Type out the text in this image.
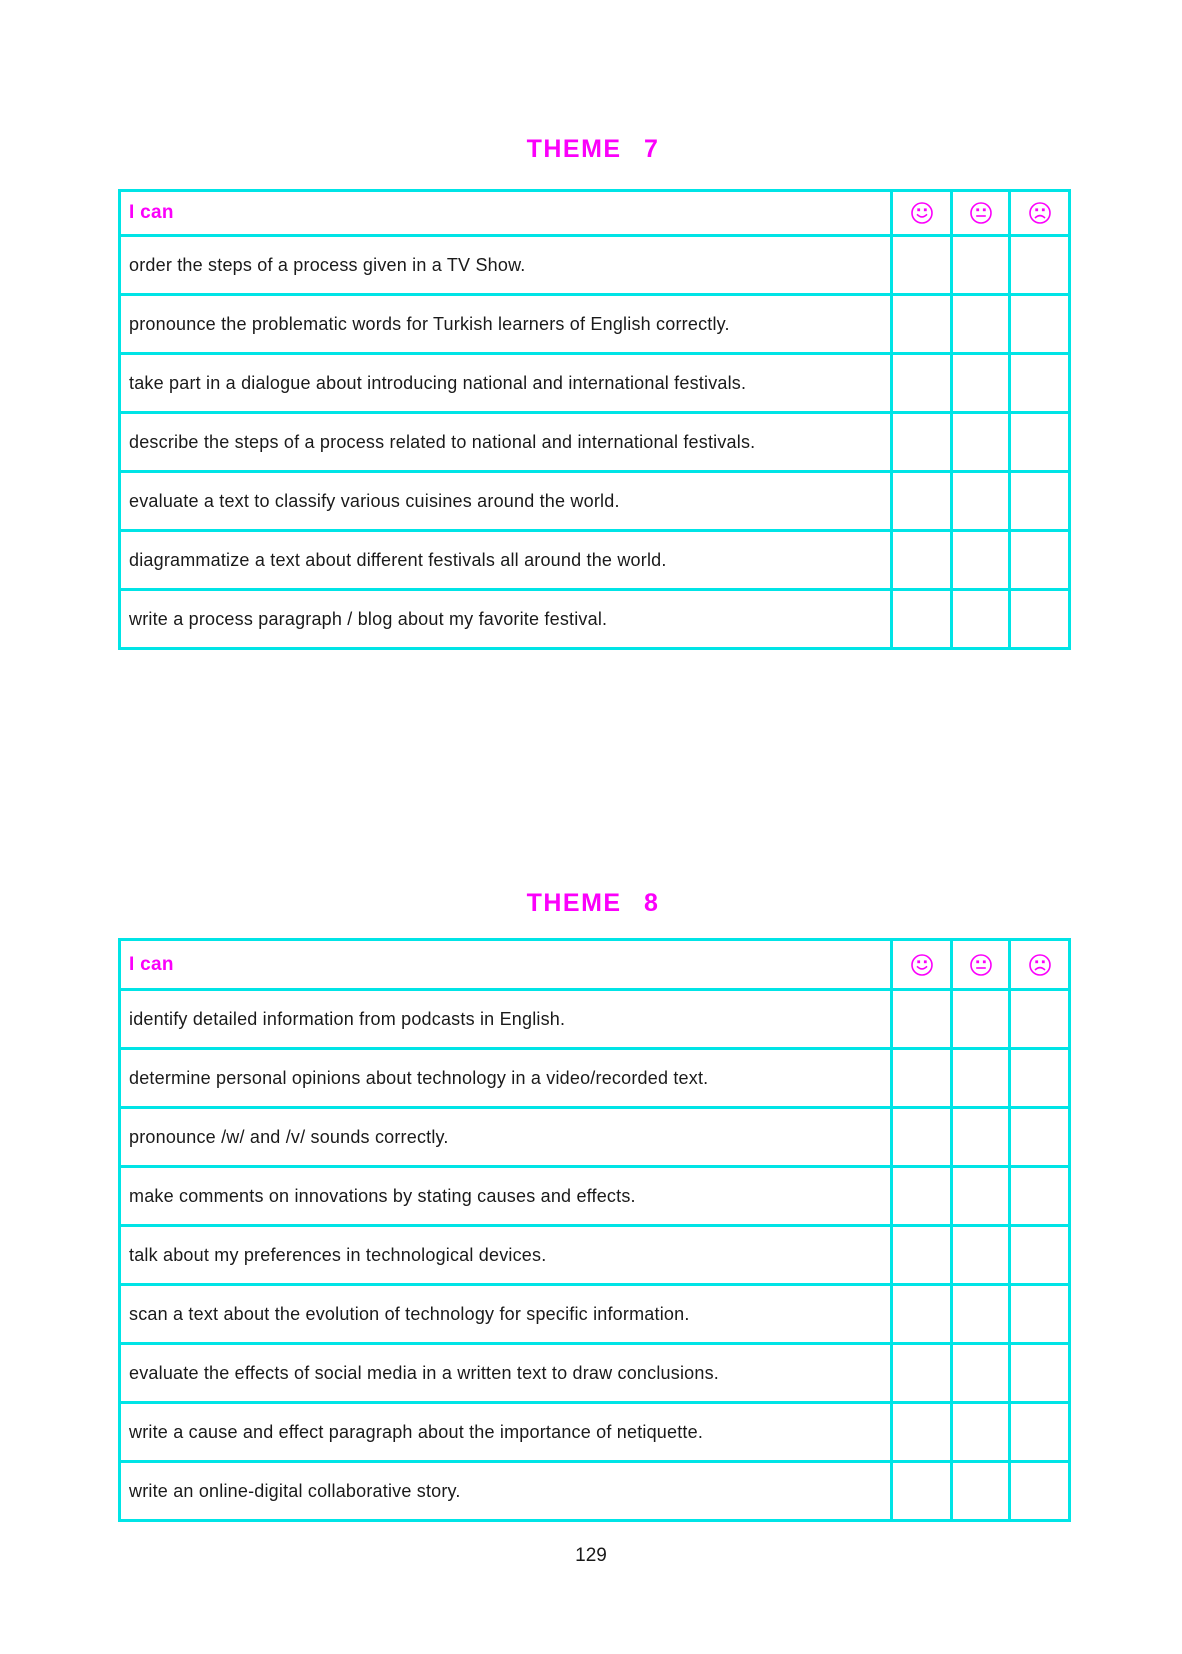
THEME 7
I can			
order the steps of a process given in a TV Show.			
pronounce the problematic words for Turkish learners of English correctly.			
take part in a dialogue about introducing national and international festivals.			
describe the steps of a process related to national and international festivals.			
evaluate a text to classify various cuisines around the world.			
diagrammatize a text about different festivals all around the world.			
write a process paragraph / blog about my favorite festival.			
THEME 8
I can			
identify detailed information from podcasts in English.			
determine personal opinions about technology in a video/recorded text.			
pronounce /w/ and /v/ sounds correctly.			
make comments on innovations by stating causes and effects.			
talk about my preferences in technological devices.			
scan a text about the evolution of technology for specific information.			
evaluate the effects of social media in a written text to draw conclusions.			
write a cause and effect paragraph about the importance of netiquette.			
write an online-digital collaborative story.			
129
